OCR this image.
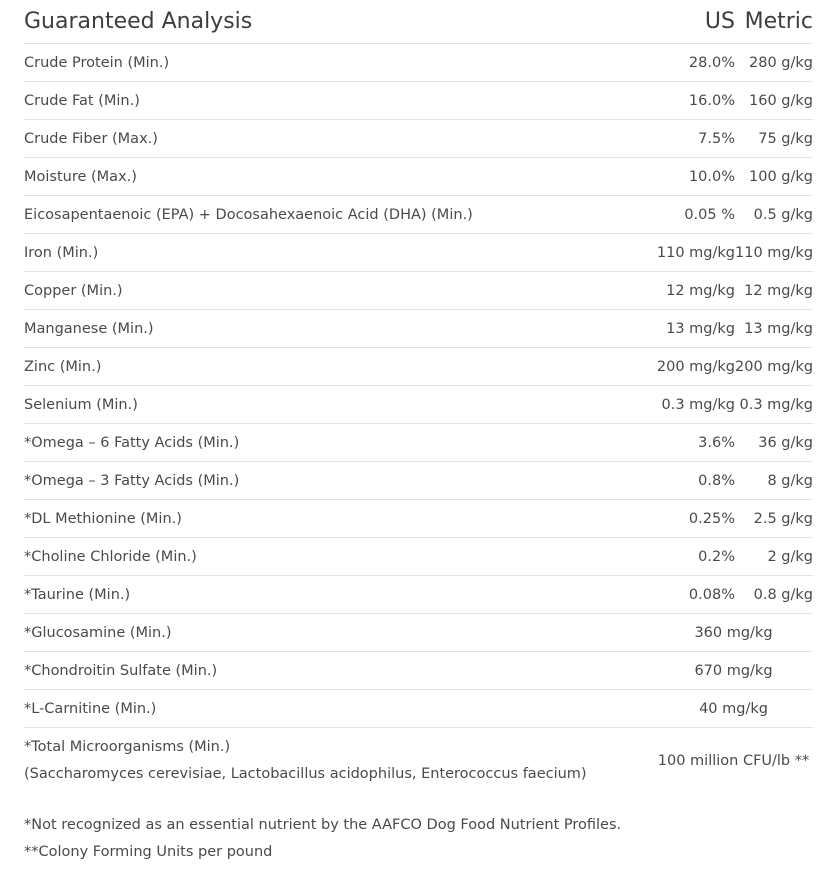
Guaranteed Analysis	US	Metric
Crude Protein (Min.)	28.0%	280 g/kg
Crude Fat (Min.)	16.0%	160 g/kg
Crude Fiber (Max.)	7.5%	75 g/kg
Moisture (Max.)	10.0%	100 g/kg
Eicosapentaenoic (EPA) + Docosahexaenoic Acid (DHA) (Min.)	0.05 %	0.5 g/kg
Iron (Min.)	110 mg/kg	110 mg/kg
Copper (Min.)	12 mg/kg	12 mg/kg
Manganese (Min.)	13 mg/kg	13 mg/kg
Zinc (Min.)	200 mg/kg	200 mg/kg
Selenium (Min.)	0.3 mg/kg	0.3 mg/kg
*Omega – 6 Fatty Acids (Min.)	3.6%	36 g/kg
*Omega – 3 Fatty Acids (Min.)	0.8%	8 g/kg
*DL Methionine (Min.)	0.25%	2.5 g/kg
*Choline Chloride (Min.)	0.2%	2 g/kg
*Taurine (Min.)	0.08%	0.8 g/kg
*Glucosamine (Min.)	360 mg/kg	
*Chondroitin Sulfate (Min.)	670 mg/kg	
*L-Carnitine (Min.)	40 mg/kg	

*Total Microorganisms (Min.)
(Saccharomyces cerevisiae, Lactobacillus acidophilus, Enterococcus faecium)	100 million CFU/lb **	
*Not recognized as an essential nutrient by the AAFCO Dog Food Nutrient Profiles.
**Colony Forming Units per pound
